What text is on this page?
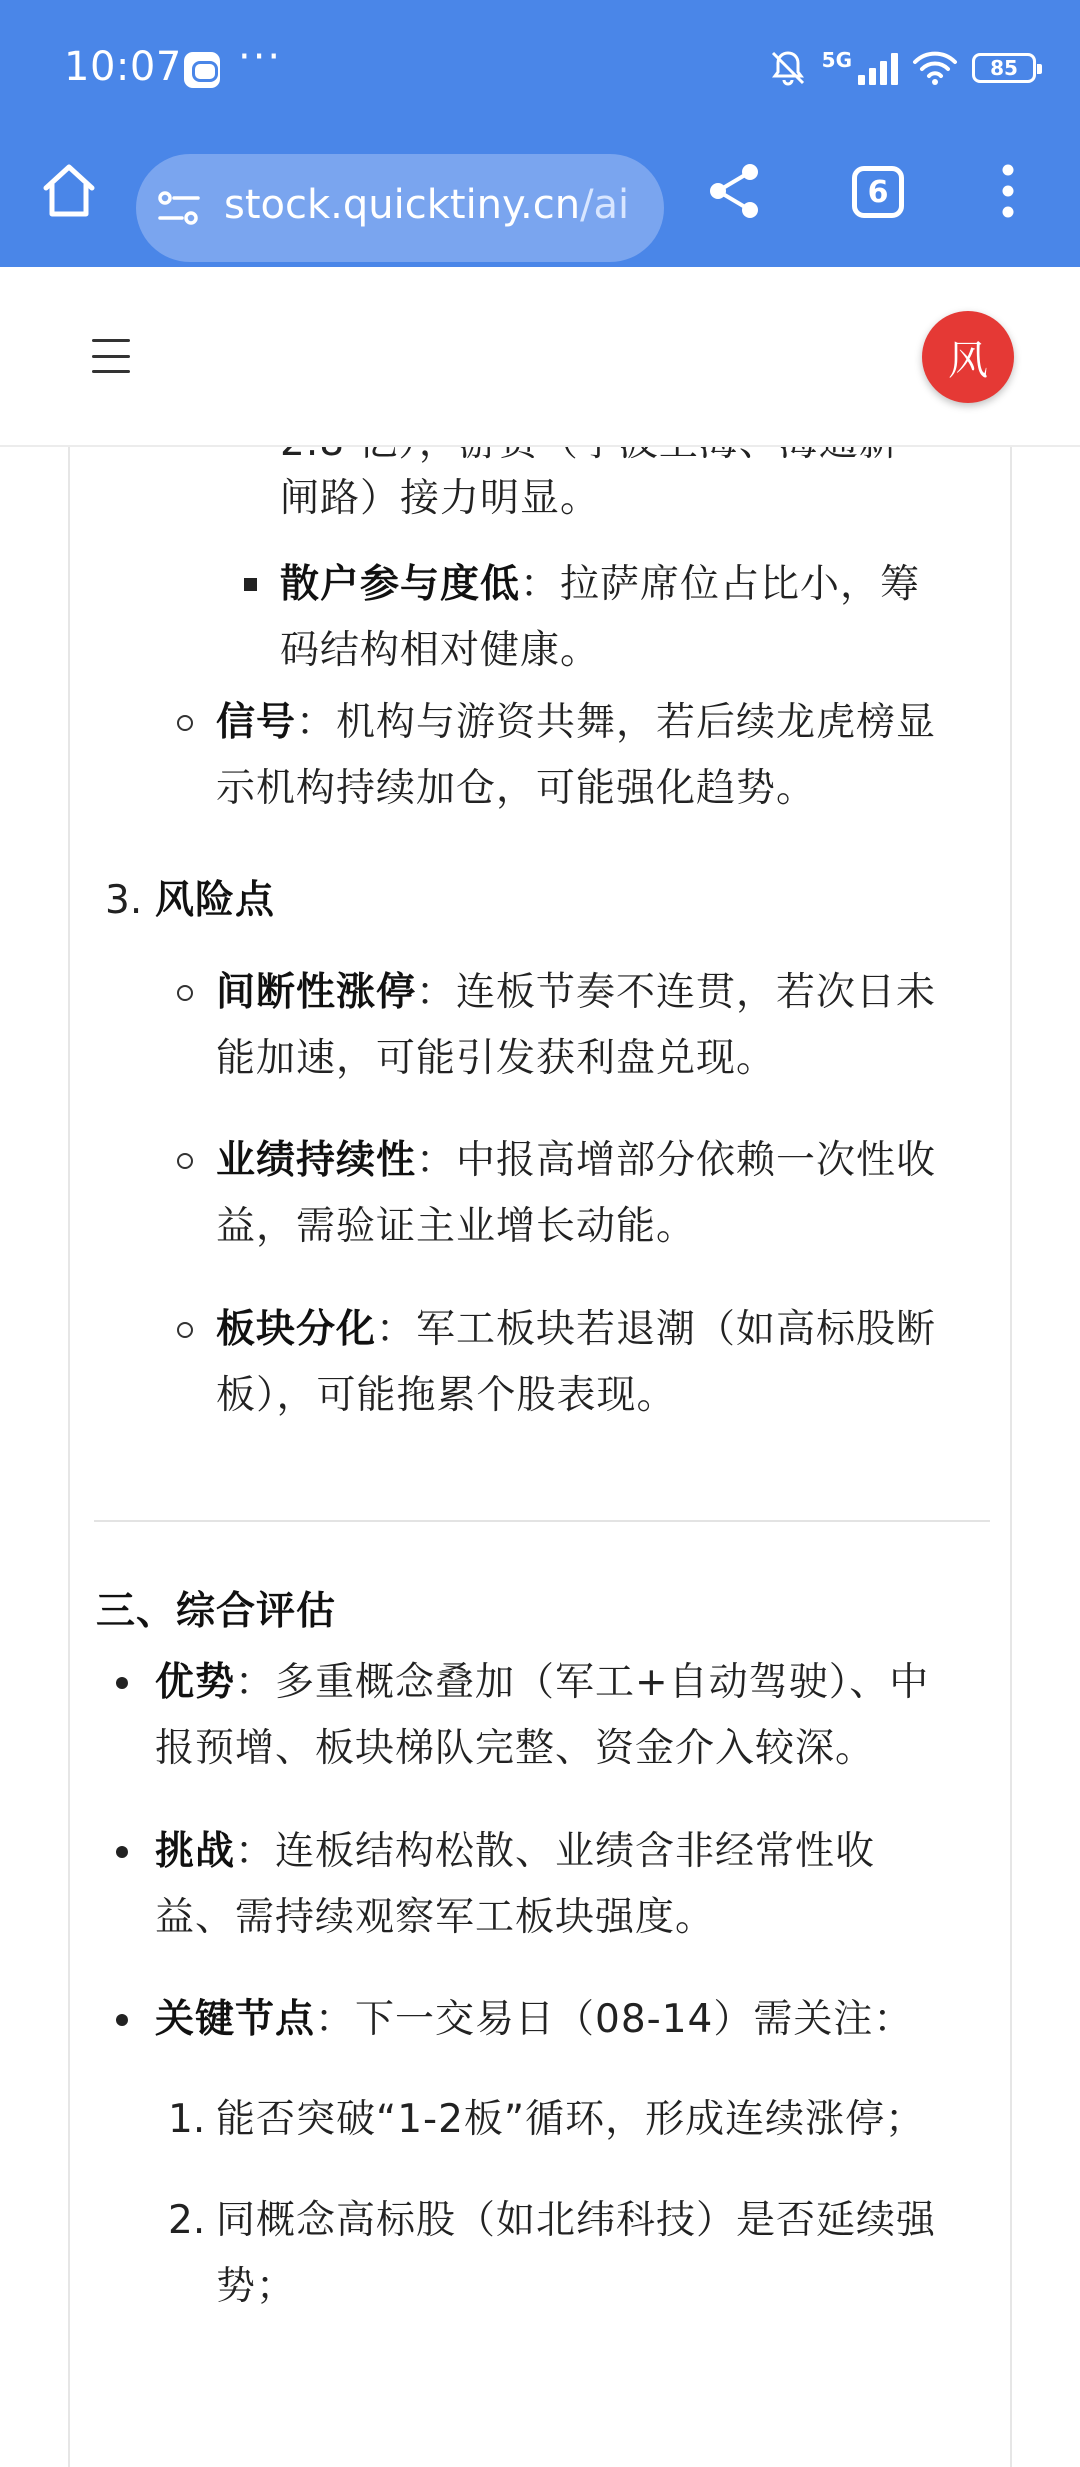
10:07 ···	5G	85
stock.quicktiny.cn/ai	6
风
闸路）接力明显。
散户参与度低：拉萨席位占比小，筹
码结构相对健康。
信号：机构与游资共舞，若后续龙虎榜显
示机构持续加仓，可能强化趋势。
3. 风险点
间断性涨停：连板节奏不连贯，若次日未
能加速，可能引发获利盘兑现。
业绩持续性：中报高增部分依赖一次性收
益，需验证主业增长动能。
板块分化：军工板块若退潮（如高标股断
板），可能拖累个股表现。
三、综合评估
优势：多重概念叠加（军工+自动驾驶）、中
报预增、板块梯队完整、资金介入较深。
挑战：连板结构松散、业绩含非经常性收
益、需持续观察军工板块强度。
关键节点：下一交易日（08-14）需关注：
1. 能否突破“1-2板”循环，形成连续涨停；
2. 同概念高标股（如北纬科技）是否延续强
势；
